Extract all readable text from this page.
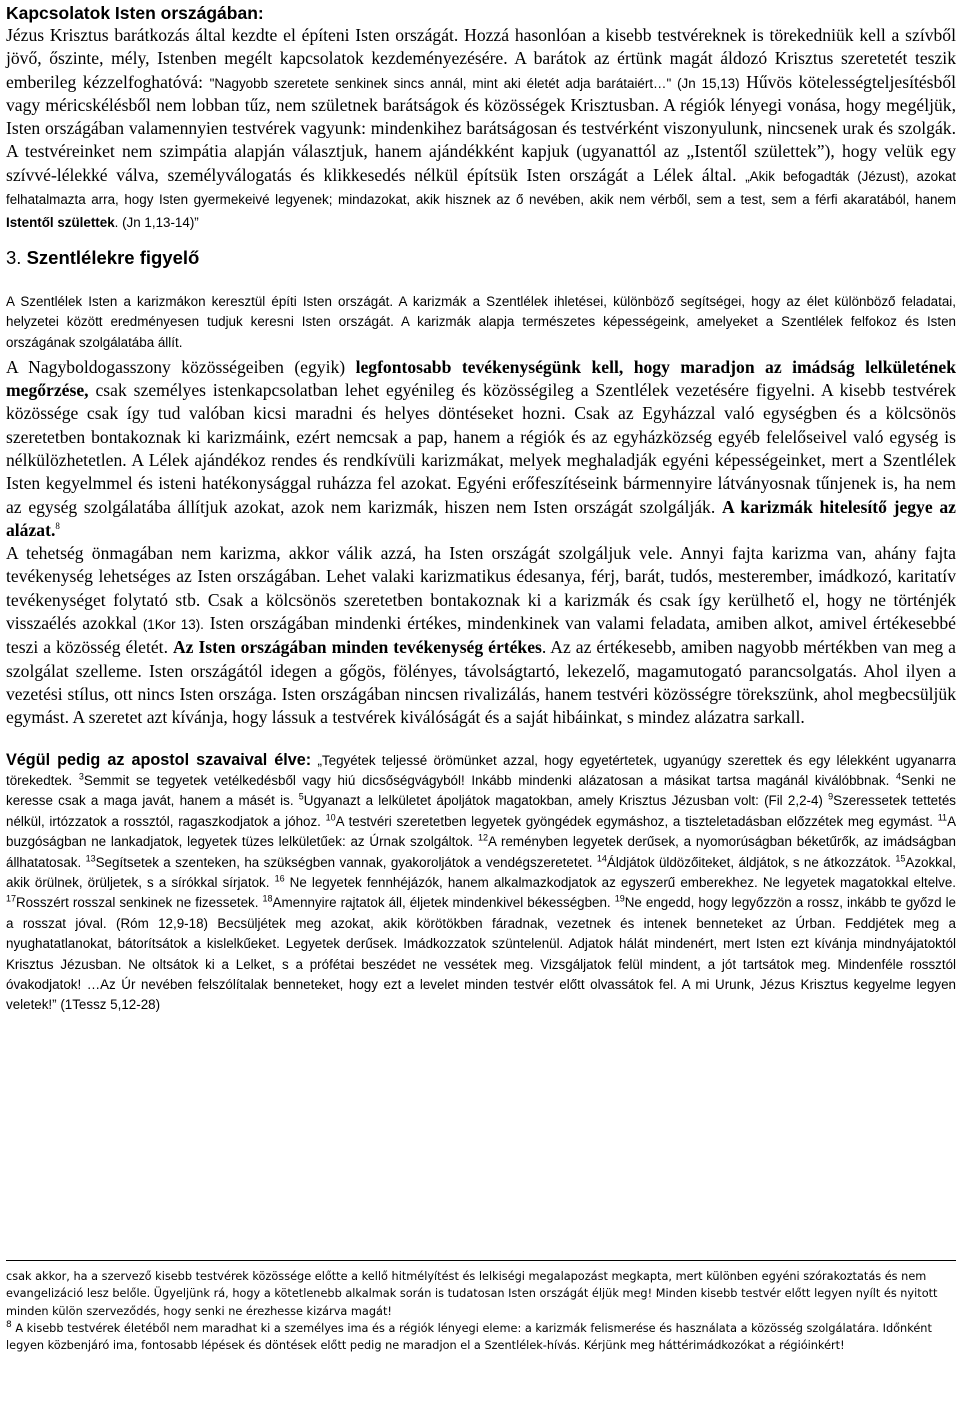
Kapcsolatok Isten országában:

Jézus Krisztus barátkozás által kezdte el építeni Isten országát. Hozzá hasonlóan a kisebb testvéreknek is törekedniük kell a szívből jövő, őszinte, mély, Istenben megélt kapcsolatok kezdeményezésére. A barátok az értünk magát áldozó Krisztus szeretetét teszik emberileg kézzelfoghatóvá: "Nagyobb szeretete senkinek sincs annál, mint aki életét adja barátaiért…" (Jn 15,13) Hűvös kötelességteljesítésből vagy méricskélésből nem lobban tűz, nem születnek barátságok és közösségek Krisztusban. A régiók lényegi vonása, hogy megéljük, Isten országában valamennyien testvérek vagyunk: mindenkihez barátságosan és testvérként viszonyulunk, nincsenek urak és szolgák. A testvéreinket nem szimpátia alapján választjuk, hanem ajándékként kapjuk (ugyanattól az „Istentől születtek”), hogy velük egy szívvé-lélekké válva, személyválogatás és klikkesedés nélkül építsük Isten országát a Lélek által. „Akik befogadták (Jézust), azokat felhatalmazta arra, hogy Isten gyermekeivé legyenek; mindazokat, akik hisznek az ő nevében, akik nem vérből, sem a test, sem a férfi akaratából, hanem Istentől születtek. (Jn 1,13-14)”

3. Szentlélekre figyelő

A Szentlélek Isten a karizmákon keresztül építi Isten országát. A karizmák a Szentlélek ihletései, különböző segítségei, hogy az élet különböző feladatai, helyzetei között eredményesen tudjuk keresni Isten országát. A karizmák alapja természetes képességeink, amelyeket a Szentlélek felfokoz és Isten országának szolgálatába állít.

A Nagyboldogasszony közösségeiben (egyik) legfontosabb tevékenységünk kell, hogy maradjon az imádság lelkületének megőrzése, csak személyes istenkapcsolatban lehet egyénileg és közösségileg a Szentlélek vezetésére figyelni. A kisebb testvérek közössége csak így tud valóban kicsi maradni és helyes döntéseket hozni. Csak az Egyházzal való egységben és a kölcsönös szeretetben bontakoznak ki karizmáink, ezért nemcsak a pap, hanem a régiók és az egyházközség egyéb felelőseivel való egység is nélkülözhetetlen. A Lélek ajándékoz rendes és rendkívüli karizmákat, melyek meghaladják egyéni képességeinket, mert a Szentlélek Isten kegyelmmel és isteni hatékonysággal ruházza fel azokat. Egyéni erőfeszítéseink bármennyire látványosnak tűnjenek is, ha nem az egység szolgálatába állítjuk azokat, azok nem karizmák, hiszen nem Isten országát szolgálják. A karizmák hitelesítő jegye az alázat.$^8$

A tehetség önmagában nem karizma, akkor válik azzá, ha Isten országát szolgáljuk vele. Annyi fajta karizma van, ahány fajta tevékenység lehetséges az Isten országában. Lehet valaki karizmatikus édesanya, férj, barát, tudós, mesterember, imádkozó, karitatív tevékenységet folytató stb. Csak a kölcsönös szeretetben bontakoznak ki a karizmák és csak így kerülhető el, hogy ne történjék visszaélés azokkal (1Kor 13). Isten országában mindenki értékes, mindenkinek van valami feladata, amiben alkot, amivel értékesebbé teszi a közösség életét. Az Isten országában minden tevékenység értékes. Az az értékesebb, amiben nagyobb mértékben van meg a szolgálat szelleme. Isten országától idegen a gőgös, fölényes, távolságtartó, lekezelő, magamutogató parancsolgatás. Ahol ilyen a vezetési stílus, ott nincs Isten országa. Isten országában nincsen rivalizálás, hanem testvéri közösségre törekszünk, ahol megbecsüljük egymást. A szeretet azt kívánja, hogy lássuk a testvérek kiválóságát és a saját hibáinkat, s mindez alázatra sarkall.

Végül pedig az apostol szavaival élve: „Tegyétek teljessé örömünket azzal, hogy egyetértetek, ugyanúgy szerettek és egy lélekként ugyanarra törekedtek. $^3$Semmit se tegyetek vetélkedésből vagy hiú dicsőségvágyból! Inkább mindenki alázatosan a másikat tartsa magánál kiválóbbnak. $^4$Senki ne keresse csak a maga javát, hanem a másét is. $^5$Ugyanazt a lelkületet ápoljátok magatokban, amely Krisztus Jézusban volt: (Fil 2,2-4) $^9$Szeressetek tettetés nélkül, irtózzatok a rossztól, ragaszkodjatok a jóhoz. $^{10}$A testvéri szeretetben legyetek gyöngédek egymáshoz, a tiszteletadásban előzzétek meg egymást. $^{11}$A buzgóságban ne lankadjatok, legyetek tüzes lelkületűek: az Úrnak szolgáltok. $^{12}$A reményben legyetek derűsek, a nyomorúságban béketűrők, az imádságban állhatatosak. $^{13}$Segítsetek a szenteken, ha szükségben vannak, gyakoroljátok a vendégszeretetet. $^{14}$Áldjátok üldözőiteket, áldjátok, s ne átkozzátok. $^{15}$Azokkal, akik örülnek, örüljetek, s a sírókkal sírjatok. $^{16}$ Ne legyetek fennhéjázók, hanem alkalmazkodjatok az egyszerű emberekhez. Ne legyetek magatokkal eltelve. $^{17}$Rosszért rosszal senkinek ne fizessetek. $^{18}$Amennyire rajtatok áll, éljetek mindenkivel békességben. $^{19}$Ne engedd, hogy legyőzzön a rossz, inkább te győzd le a rosszat jóval. (Róm 12,9-18) Becsüljétek meg azokat, akik körötökben fáradnak, vezetnek és intenek benneteket az Úrban. Feddjétek meg a nyughatatlanokat, bátorítsátok a kislelkűeket. Legyetek derűsek. Imádkozzatok szüntelenül. Adjatok hálát mindenért, mert Isten ezt kívánja mindnyájatoktól Krisztus Jézusban. Ne oltsátok ki a Lelket, s a prófétai beszédet ne vessétek meg. Vizsgáljatok felül mindent, a jót tartsátok meg. Mindenféle rossztól óvakodjatok! …Az Úr nevében felszólítalak benneteket, hogy ezt a levelet minden testvér előtt olvassátok fel. A mi Urunk, Jézus Krisztus kegyelme legyen veletek!” (1Tessz 5,12-28)

csak akkor, ha a szervező kisebb testvérek közössége előtte a kellő hitmélyítést és lelkiségi megalapozást megkapta, mert különben egyéni szórakoztatás és nem evangelizáció lesz belőle. Ügyeljünk rá, hogy a kötetlenebb alkalmak során is tudatosan Isten országát éljük meg! Minden kisebb testvér előtt legyen nyílt és nyitott minden külön szerveződés, hogy senki ne érezhesse kizárva magát!

$^8$ A kisebb testvérek életéből nem maradhat ki a személyes ima és a régiók lényegi eleme: a karizmák felismerése és használata a közösség szolgálatára. Időnként legyen közbenjáró ima, fontosabb lépések és döntések előtt pedig ne maradjon el a Szentlélek-hívás. Kérjünk meg háttérimádkozókat a régióinkért!
